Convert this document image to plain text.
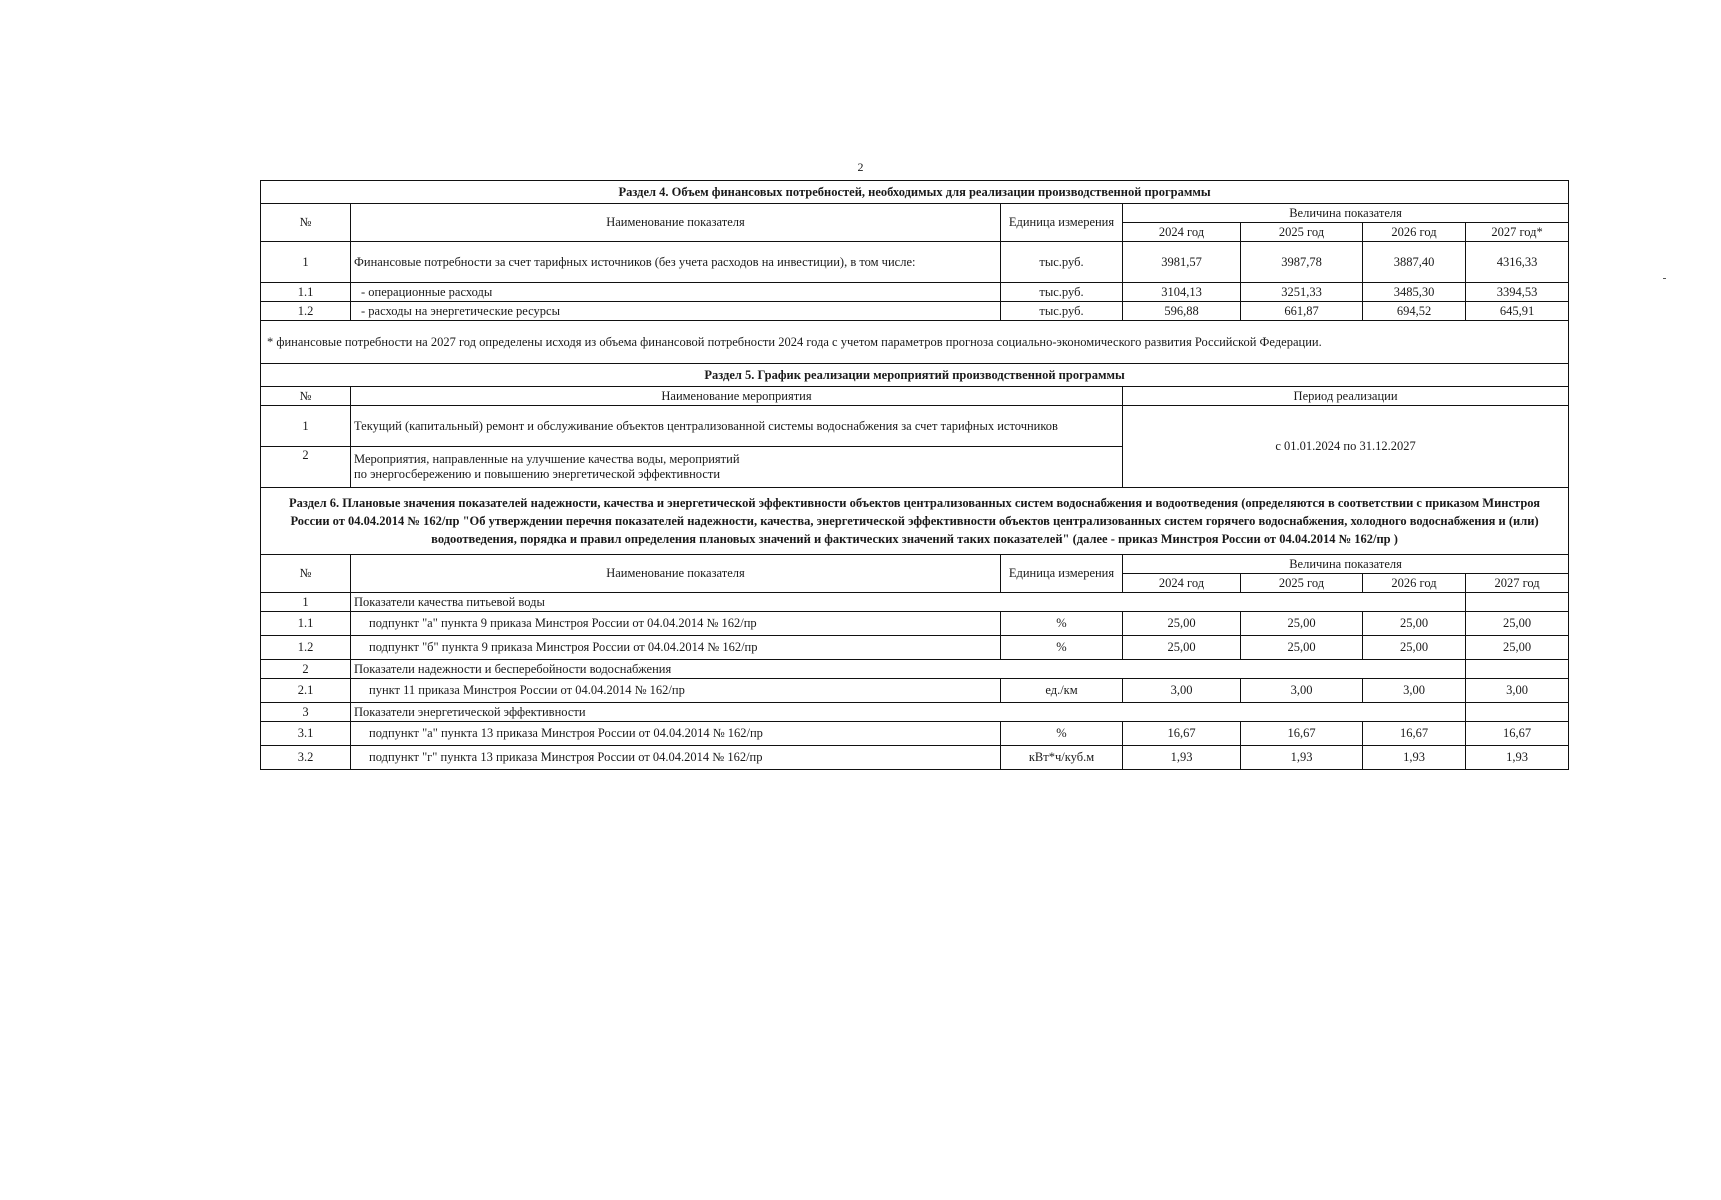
2
Раздел 4. Объем финансовых потребностей, необходимых для реализации производственной программы						
№	Наименование показателя	Единица измерения	Величина показателя			
			2024 год	2025 год	2026 год	2027 год*
1	Финансовые потребности за счет тарифных источников (без учета расходов на инвестиции), в том числе:	тыс.руб.	3981,57	3987,78	3887,40	4316,33
1.1	- операционные расходы	тыс.руб.	3104,13	3251,33	3485,30	3394,53
1.2	- расходы на энергетические ресурсы	тыс.руб.	596,88	661,87	694,52	645,91
* финансовые потребности на 2027 год определены исходя из объема финансовой потребности 2024 года с учетом параметров прогноза социально-экономического развития Российской Федерации.						
Раздел 5. График реализации мероприятий производственной программы						
№	Наименование мероприятия		Период реализации			
1	Текущий (капитальный) ремонт и обслуживание объектов централизованной системы водоснабжения за счет тарифных источников		с 01.01.2024 по 31.12.2027			
2	Мероприятия, направленные на улучшение качества воды, мероприятий
по энергосбережению и повышению энергетической эффективности					

Раздел 6. Плановые значения показателей надежности, качества и энергетической эффективности объектов централизованных систем водоснабжения и водоотведения (определяются в соответствии с приказом Минстроя России от 04.04.2014 № 162/пр "Об утверждении перечня показателей надежности, качества, энергетической эффективности объектов централизованных систем горячего водоснабжения, холодного водоснабжения и (или) водоотведения, порядка и правил определения плановых значений и фактических значений таких показателей" (далее - приказ Минстроя России от 04.04.2014 № 162/пр )						
№	Наименование показателя	Единица измерения	Величина показателя			
			2024 год	2025 год	2026 год	2027 год
1	Показатели качества питьевой воды					
1.1	подпункт "а" пункта 9 приказа Минстроя России от 04.04.2014 № 162/пр	%	25,00	25,00	25,00	25,00
1.2	подпункт "б" пункта 9 приказа Минстроя России от 04.04.2014 № 162/пр	%	25,00	25,00	25,00	25,00
2	Показатели надежности и бесперебойности водоснабжения					
2.1	пункт 11 приказа Минстроя России от 04.04.2014 № 162/пр	ед./км	3,00	3,00	3,00	3,00
3	Показатели энергетической эффективности					
3.1	подпункт "а" пункта 13 приказа Минстроя России от 04.04.2014 № 162/пр	%	16,67	16,67	16,67	16,67
3.2	подпункт "г" пункта 13 приказа Минстроя России от 04.04.2014 № 162/пр	кВт*ч/куб.м	1,93	1,93	1,93	1,93
